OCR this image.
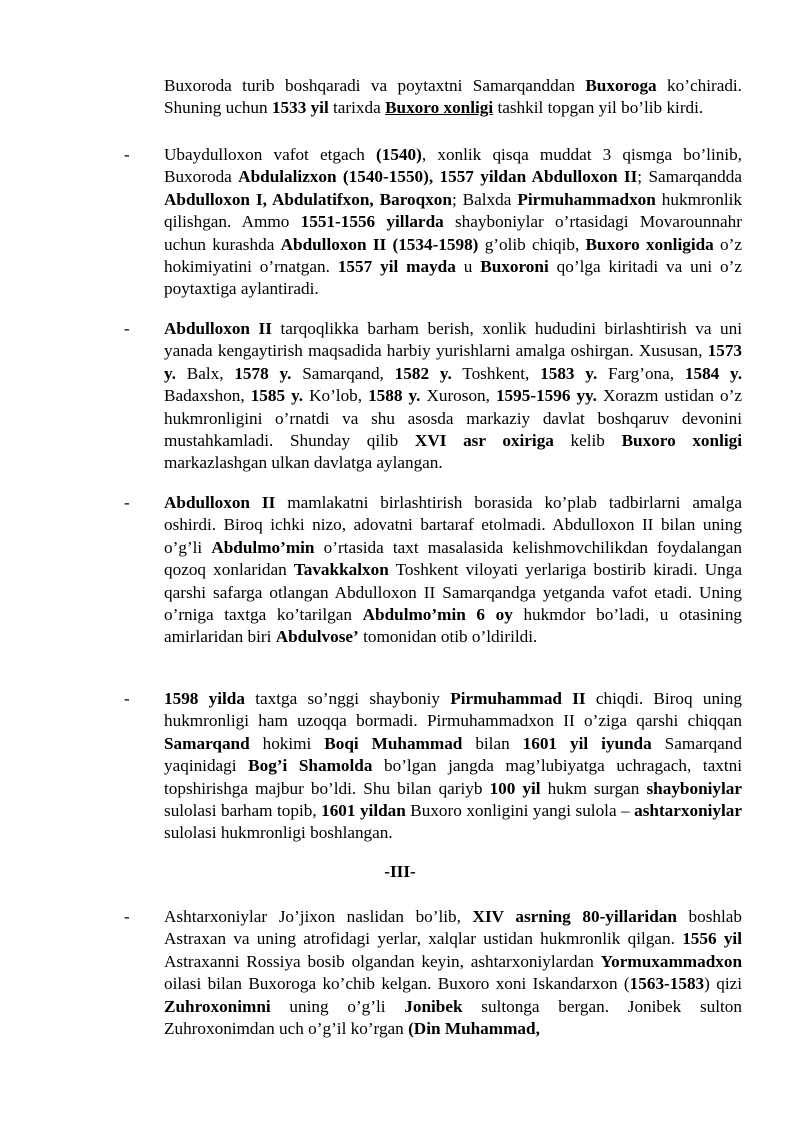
Buxoroda turib boshqaradi va poytaxtni Samarqanddan Buxoroga ko’chiradi. Shuning uchun 1533 yil tarixda Buxoro xonligi tashkil topgan yil bo’lib kirdi.
- Ubaydulloxon vafot etgach (1540), xonlik qisqa muddat 3 qismga bo’linib, Buxoroda Abdulalizxon (1540-1550), 1557 yildan Abdulloxon II; Samarqandda Abdulloxon I, Abdulatifxon, Baroqxon; Balxda Pirmuhammadxon hukmronlik qilishgan. Ammo 1551-1556 yillarda shayboniylar o’rtasidagi Movarounnahr uchun kurashda Abdulloxon II (1534-1598) g’olib chiqib, Buxoro xonligida o’z hokimiyatini o’rnatgan. 1557 yil mayda u Buxoroni qo’lga kiritadi va uni o’z poytaxtiga aylantiradi.
- Abdulloxon II tarqoqlikka barham berish, xonlik hududini birlashtirish va uni yanada kengaytirish maqsadida harbiy yurishlarni amalga oshirgan. Xususan, 1573 y. Balx, 1578 y. Samarqand, 1582 y. Toshkent, 1583 y. Farg’ona, 1584 y. Badaxshon, 1585 y. Ko’lob, 1588 y. Xuroson, 1595-1596 yy. Xorazm ustidan o’z hukmronligini o’rnatdi va shu asosda markaziy davlat boshqaruv devonini mustahkamladi. Shunday qilib XVI asr oxiriga kelib Buxoro xonligi markazlashgan ulkan davlatga aylangan.
- Abdulloxon II mamlakatni birlashtirish borasida ko’plab tadbirlarni amalga oshirdi. Biroq ichki nizo, adovatni bartaraf etolmadi. Abdulloxon II bilan uning o’g’li Abdulmo’min o’rtasida taxt masalasida kelishmovchilikdan foydalangan qozoq xonlaridan Tavakkalxon Toshkent viloyati yerlariga bostirib kiradi. Unga qarshi safarga otlangan Abdulloxon II Samarqandga yetganda vafot etadi. Uning o’rniga taxtga ko’tarilgan Abdulmo’min 6 oy hukmdor bo’ladi, u otasining amirlaridan biri Abdulvose’ tomonidan otib o’ldirildi.
- 1598 yilda taxtga so’nggi shayboniy Pirmuhammad II chiqdi. Biroq uning hukmronligi ham uzoqqa bormadi. Pirmuhammadxon II o’ziga qarshi chiqqan Samarqand hokimi Boqi Muhammad bilan 1601 yil iyunda Samarqand yaqinidagi Bog’i Shamolda bo’lgan jangda mag’lubiyatga uchragach, taxtni topshirishga majbur bo’ldi. Shu bilan qariyb 100 yil hukm surgan shayboniylar sulolasi barham topib, 1601 yildan Buxoro xonligini yangi sulola – ashtarxoniylar sulolasi hukmronligi boshlangan.
-III-
- Ashtarxoniylar Jo’jixon naslidan bo’lib, XIV asrning 80-yillaridan boshlab Astraxan va uning atrofidagi yerlar, xalqlar ustidan hukmronlik qilgan. 1556 yil Astraxanni Rossiya bosib olgandan keyin, ashtarxoniylardan Yormuxammadxon oilasi bilan Buxoroga ko’chib kelgan. Buxoro xoni Iskandarxon (1563-1583) qizi Zuhroxonimni uning o’g’li Jonibek sultonga bergan. Jonibek sulton Zuhroxonimdan uch o’g’il ko’rgan (Din Muhammad,
